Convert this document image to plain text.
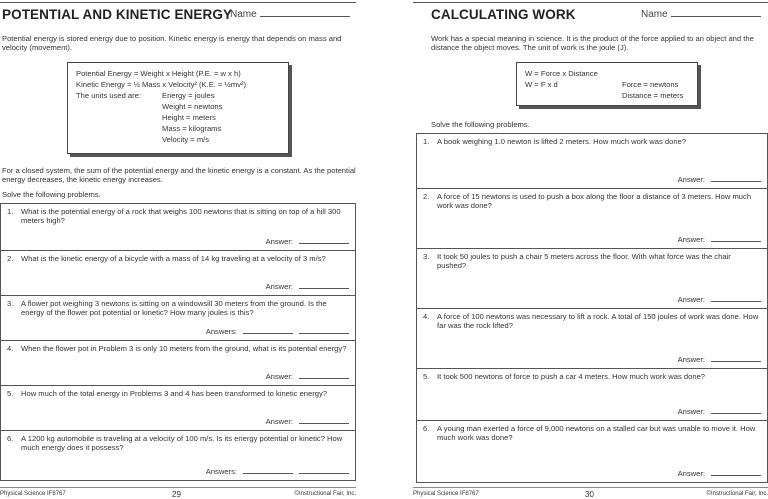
POTENTIAL AND KINETIC ENERGY
Name
Potential energy is stored energy due to position. Kinetic energy is energy that depends on mass and velocity (movement).
Potential Energy = Weight x Height (P.E. = w x h)
Kinetic Energy = ½ Mass x Velocity² (K.E. = ½mv²)
The units used are:	Energy = joules
Weight = newtons
Height = meters
Mass = kilograms
Velocity = m/s
For a closed system, the sum of the potential energy and the kinetic energy is a constant. As the potential energy decreases, the kinetic energy increases.
Solve the following problems.
1. What is the potential energy of a rock that weighs 100 newtons that is sitting on top of a hill 300 meters high?
Answer:
2. What is the kinetic energy of a bicycle with a mass of 14 kg traveling at a velocity of 3 m/s?
Answer:
3. A flower pot weighing 3 newtons is sitting on a windowsill 30 meters from the ground. Is the energy of the flower pot potential or kinetic? How many joules is this?
Answers:
4. When the flower pot in Problem 3 is only 10 meters from the ground, what is its potential energy?
Answer:
5. How much of the total energy in Problems 3 and 4 has been transformed to kinetic energy?
Answer:
6. A 1200 kg automobile is traveling at a velocity of 100 m/s. Is its energy potential or kinetic? How much energy does it possess?
Answers:
Physical Science IF8767	29	©Instructional Fair, Inc.
CALCULATING WORK	Name
Work has a special meaning in science. It is the product of the force applied to an object and the distance the object moves. The unit of work is the joule (J).
W = Force x Distance
W = F x d	Force = newtons
Distance = meters
Solve the following problems.
1. A book weighing 1.0 newton is lifted 2 meters. How much work was done?
Answer:
2. A force of 15 newtons is used to push a box along the floor a distance of 3 meters. How much work was done?
Answer:
3. It took 50 joules to push a chair 5 meters across the floor. With what force was the chair pushed?
Answer:
4. A force of 100 newtons was necessary to lift a rock. A total of 150 joules of work was done. How far was the rock lifted?
Answer:
5. It took 500 newtons of force to push a car 4 meters. How much work was done?
Answer:
6. A young man exerted a force of 9,000 newtons on a stalled car but was unable to move it. How much work was done?
Answer:
Physical Science IF8767	30	©Instructional Fair, Inc.
